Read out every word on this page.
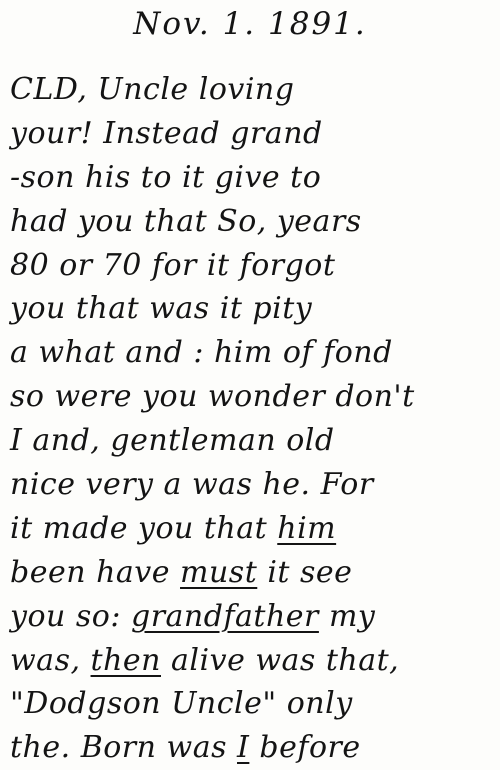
Nov. 1. 1891.
CLD, Uncle loving
your! Instead grand
-son his to it give to
had you that So, years
80 or 70 for it forgot
you that was it pity
a what and : him of fond
so were you wonder don't
I and, gentleman old
nice very a was he. For
it made you that him
been have must it see
you so: grandfather my
was, then alive was that,
"Dodgson Uncle" only
the. Born was I before
